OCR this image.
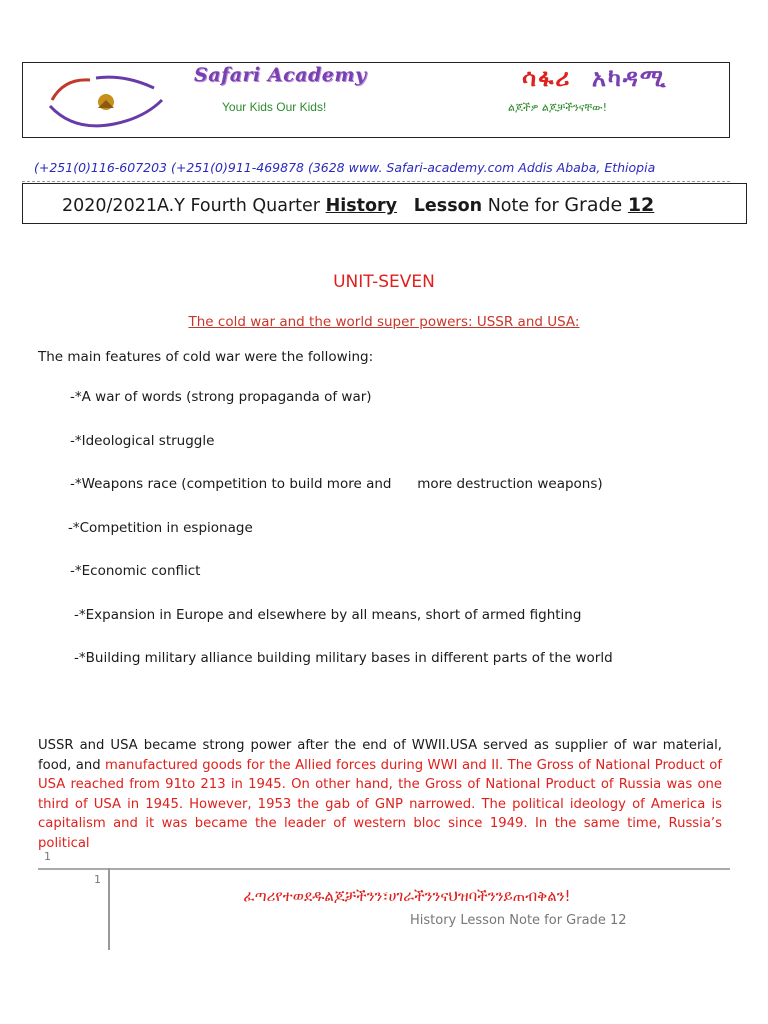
Safari Academy	ሳፋሪ አካዳሚ
Your Kids Our Kids!	ልጆችዎ ልጆቻችንናቸው!
(+251(0)116-607203 (+251(0)911-469878 (3628 www. Safari-academy.com Addis Ababa, Ethiopia
2020/2021A.Y Fourth Quarter History Lesson Note for Grade 12
UNIT-SEVEN
The cold war and the world super powers: USSR and USA:
The main features of cold war were the following:
-*A war of words (strong propaganda of war)
-*Ideological struggle
-*Weapons race (competition to build more and      more destruction weapons)
-*Competition in espionage
-*Economic conflict
-*Expansion in Europe and elsewhere by all means, short of armed fighting
-*Building military alliance building military bases in different parts of the world
USSR and USA became strong power after the end of WWII.USA served as supplier of war material, food, and manufactured goods for the Allied forces during WWI and II. The Gross of National Product of USA reached from 91to 213 in 1945. On other hand, the Gross of National Product of Russia was one third of USA in 1945. However, 1953 the gab of GNP narrowed. The political ideology of America is capitalism and it was became the leader of western bloc since 1949. In the same time, Russia’s political
1
1
ፈጣሪየተወደዱልጆቻችንን፣ሀገራችንንናህዝባችንንይጠብቅልን!
History Lesson Note for Grade 12
